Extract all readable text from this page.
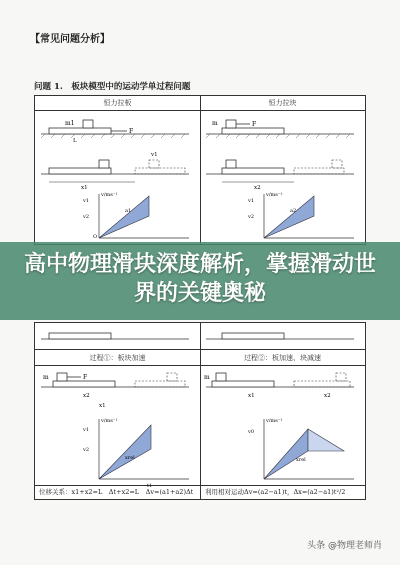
【常见问题分析】
问题 1.　板块模型中的运动学单过程问题
恒力拉板	恒力拉块
m1
F
L
x1
v1
v/ms⁻¹
v1
v2
a1
O
m	F
x2
v/ms⁻¹
v1
v2
a2
过程①：板块加速	过程②：板加速、块减速
m	F
x2
x1
v/ms⁻¹
v1
v2
xrel
t1
m
x1	x2
v/ms⁻¹
v0
xrel
位移关系：x1+x2=L　Δt+x2=L　Δv=(a1+a2)Δt	利用相对运动Δv=(a2−a1)t，Δx=(a2−a1)t²/2
高中物理滑块深度解析，掌握滑动世界的关键奥秘
头条 @物理老师肖
